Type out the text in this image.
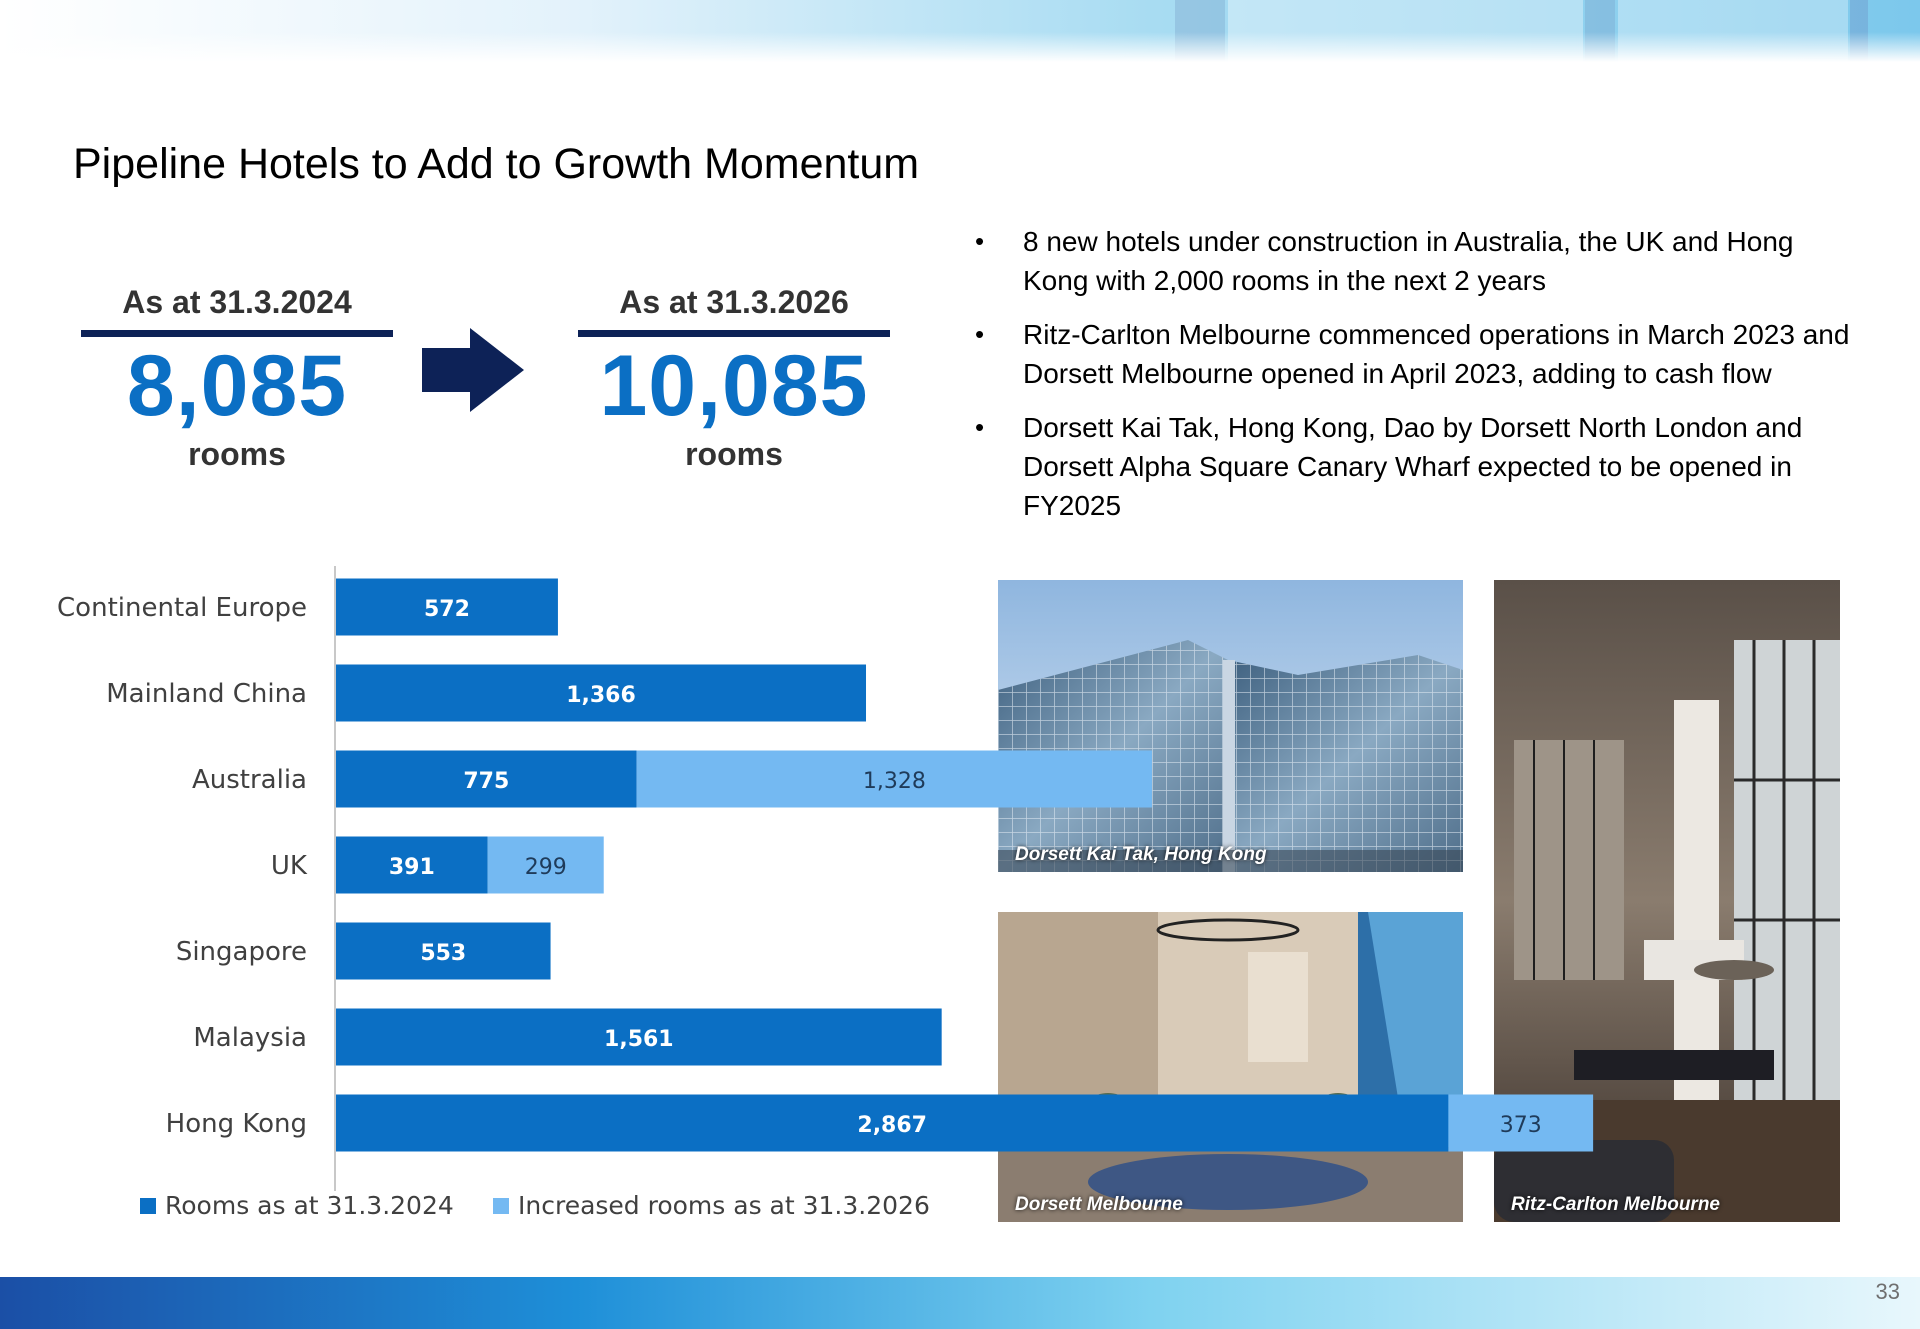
Pipeline Hotels to Add to Growth Momentum
As at 31.3.2024
8,085
rooms
As at 31.3.2026
10,085
rooms
• 8 new hotels under construction in Australia, the UK and Hong Kong with 2,000 rooms in the next 2 years
• Ritz-Carlton Melbourne commenced operations in March 2023 and Dorsett Melbourne opened in April 2023, adding to cash flow
• Dorsett Kai Tak, Hong Kong, Dao by Dorsett North London and Dorsett Alpha Square Canary Wharf expected to be opened in FY2025
Dorsett Kai Tak, Hong Kong
Dorsett Melbourne	Ritz-Carlton Melbourne
Continental Europe	572
Mainland China	1,366
Australia	775	1,328
UK	391	299
Singapore	553
Malaysia	1,561
Hong Kong	2,867	373
Rooms as at 31.3.2024	Increased rooms as at 31.3.2026
33
